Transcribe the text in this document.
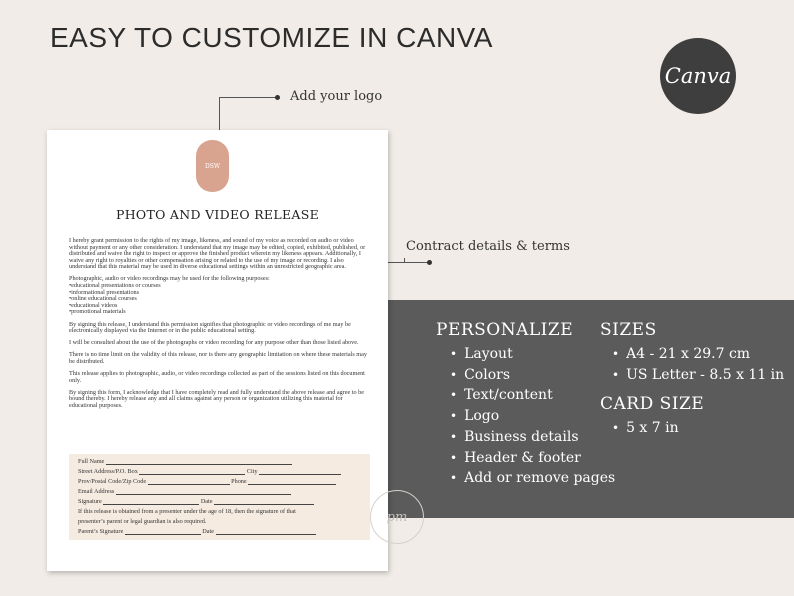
EASY TO CUSTOMIZE IN CANVA
Canva
Add your logo
Contract details & terms
PERSONALIZE
• Layout
• Colors
• Text/content
• Logo
• Business details
• Header & footer
• Add or remove pages
SIZES
• A4 - 21 x 29.7 cm
• US Letter - 8.5 x 11 in
CARD SIZE
• 5 x 7 in
DSW
PHOTO AND VIDEO RELEASE

I hereby grant permission to the rights of my image, likeness, and sound of my voice as recorded on audio or video without payment or any other consideration. I understand that my image may be edited, copied, exhibited, published, or distributed and waive the right to inspect or approve the finished product wherein my likeness appears. Additionally, I waive any right to royalties or other compensation arising or related to the use of my image or recording. I also understand that this material may be used in diverse educational settings within an unrestricted geographic area.

Photographic, audio or video recordings may be used for the following purposes:
• educational presentations or courses
• informational presentations
• online educational courses
• educational videos
• promotional materials

By signing this release, I understand this permission signifies that photographic or video recordings of me may be electronically displayed via the Internet or in the public educational setting.

I will be consulted about the use of the photographs or video recording for any purpose other than those listed above.

There is no time limit on the validity of this release, nor is there any geographic limitation on where these materials may be distributed.

This release applies to photographic, audio, or video recordings collected as part of the sessions listed on this document only.

By signing this form, I acknowledge that I have completely read and fully understand the above release and agree to be bound thereby. I hereby release any and all claims against any person or organization utilizing this material for educational purposes.

Full Name
Street Address/P.O. Box	City
Prov/Postal Code/Zip Code	Phone
Email Address
Signature	Date
If this release is obtained from a presenter under the age of 18, then the signature of that
presenter’s parent or legal guardian is also required.
Parent’s Signature	Date
pm
